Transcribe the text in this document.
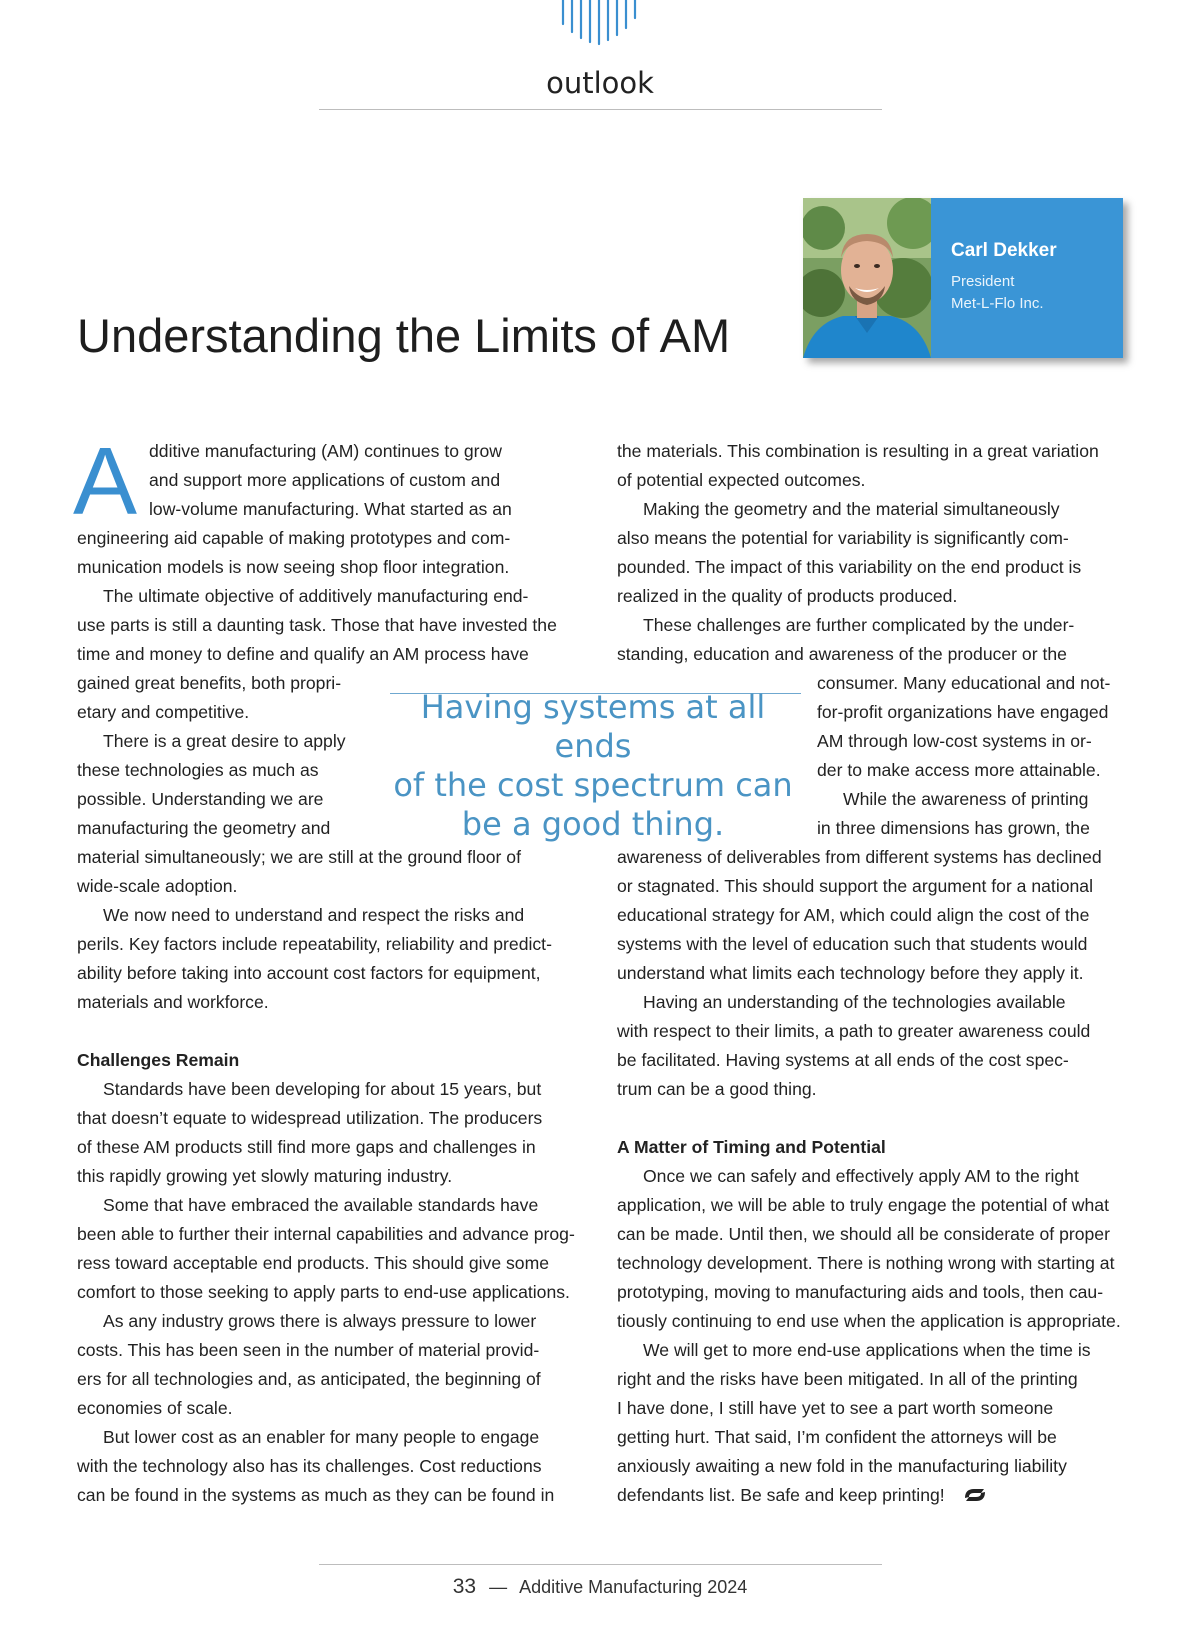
outlook
Understanding the Limits of AM
Carl Dekker
President
Met-L-Flo Inc.
A dditive manufacturing (AM) continues to grow
and support more applications of custom and
low-volume manufacturing. What started as an
engineering aid capable of making prototypes and com-
munication models is now seeing shop floor integration.
The ultimate objective of additively manufacturing end-
use parts is still a daunting task. Those that have invested the
time and money to define and qualify an AM process have
gained great benefits, both propri-
etary and competitive.
There is a great desire to apply
these technologies as much as
possible. Understanding we are
manufacturing the geometry and
material simultaneously; we are still at the ground floor of
wide-scale adoption.
We now need to understand and respect the risks and
perils. Key factors include repeatability, reliability and predict-
ability before taking into account cost factors for equipment,
materials and workforce.
Challenges Remain
Standards have been developing for about 15 years, but
that doesn’t equate to widespread utilization. The producers
of these AM products still find more gaps and challenges in
this rapidly growing yet slowly maturing industry.
Some that have embraced the available standards have
been able to further their internal capabilities and advance prog-
ress toward acceptable end products. This should give some
comfort to those seeking to apply parts to end-use applications.
As any industry grows there is always pressure to lower
costs. This has been seen in the number of material provid-
ers for all technologies and, as anticipated, the beginning of
economies of scale.
But lower cost as an enabler for many people to engage
with the technology also has its challenges. Cost reductions
can be found in the systems as much as they can be found in
the materials. This combination is resulting in a great variation
of potential expected outcomes.
Making the geometry and the material simultaneously
also means the potential for variability is significantly com-
pounded. The impact of this variability on the end product is
realized in the quality of products produced.
These challenges are further complicated by the under-
standing, education and awareness of the producer or the
consumer. Many educational and not-
for-profit organizations have engaged
AM through low-cost systems in or-
der to make access more attainable.
While the awareness of printing
in three dimensions has grown, the
awareness of deliverables from different systems has declined
or stagnated. This should support the argument for a national
educational strategy for AM, which could align the cost of the
systems with the level of education such that students would
understand what limits each technology before they apply it.
Having an understanding of the technologies available
with respect to their limits, a path to greater awareness could
be facilitated. Having systems at all ends of the cost spec-
trum can be a good thing.
A Matter of Timing and Potential
Once we can safely and effectively apply AM to the right
application, we will be able to truly engage the potential of what
can be made. Until then, we should all be considerate of proper
technology development. There is nothing wrong with starting at
prototyping, moving to manufacturing aids and tools, then cau-
tiously continuing to end use when the application is appropriate.
We will get to more end-use applications when the time is
right and the risks have been mitigated. In all of the printing
I have done, I still have yet to see a part worth someone
getting hurt. That said, I’m confident the attorneys will be
anxiously awaiting a new fold in the manufacturing liability
defendants list. Be safe and keep printing!
Having systems at all ends
of the cost spectrum can
be a good thing.
33 — Additive Manufacturing 2024
